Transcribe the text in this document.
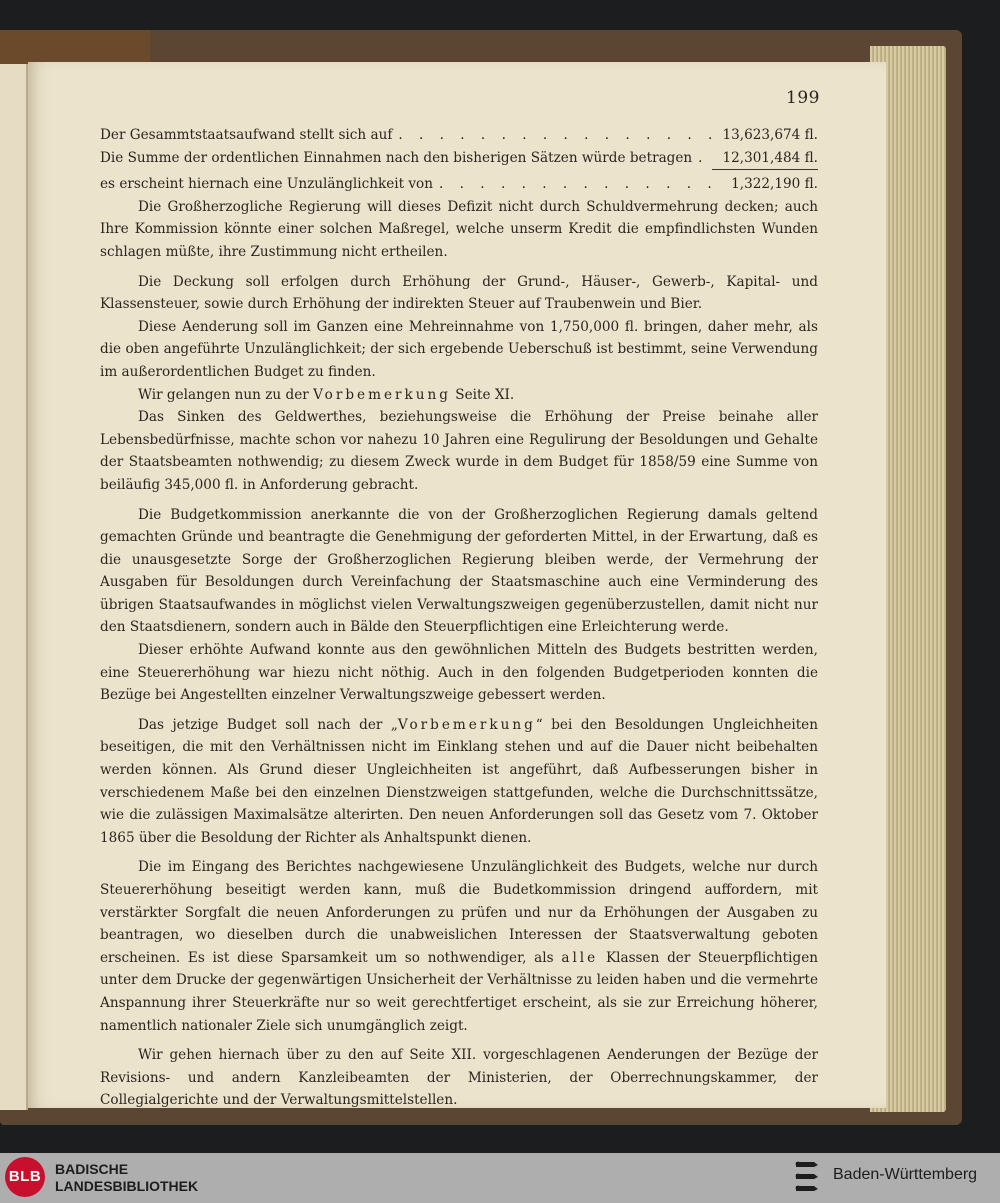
199
Der Gesammtstaatsaufwand stellt sich auf . . .	13,623,674 fl.
Die Summe der ordentlichen Einnahmen nach den bisherigen Sätzen würde betragen . . .	12,301,484 fl.
es erscheint hiernach eine Unzulänglichkeit von . . .	1,322,190 fl.

Die Großherzogliche Regierung will dieses Defizit nicht durch Schuldvermehrung decken; auch Ihre Kommission könnte einer solchen Maßregel, welche unserm Kredit die empfindlichsten Wunden schlagen müßte, ihre Zustimmung nicht ertheilen.

Die Deckung soll erfolgen durch Erhöhung der Grund-, Häuser-, Gewerb-, Kapital- und Klassensteuer, sowie durch Erhöhung der indirekten Steuer auf Traubenwein und Bier.

Diese Aenderung soll im Ganzen eine Mehreinnahme von 1,750,000 fl. bringen, daher mehr, als die oben angeführte Unzulänglichkeit; der sich ergebende Ueberschuß ist bestimmt, seine Verwendung im außerordentlichen Budget zu finden.

Wir gelangen nun zu der Vorbemerkung Seite XI.

Das Sinken des Geldwerthes, beziehungsweise die Erhöhung der Preise beinahe aller Lebensbedürfnisse, machte schon vor nahezu 10 Jahren eine Regulirung der Besoldungen und Gehalte der Staatsbeamten nothwendig; zu diesem Zweck wurde in dem Budget für 1858/59 eine Summe von beiläufig 345,000 fl. in Anforderung gebracht.

Die Budgetkommission anerkannte die von der Großherzoglichen Regierung damals geltend gemachten Gründe und beantragte die Genehmigung der geforderten Mittel, in der Erwartung, daß es die unausgesetzte Sorge der Großherzoglichen Regierung bleiben werde, der Vermehrung der Ausgaben für Besoldungen durch Vereinfachung der Staatsmaschine auch eine Verminderung des übrigen Staatsaufwandes in möglichst vielen Verwaltungszweigen gegenüberzustellen, damit nicht nur den Staatsdienern, sondern auch in Bälde den Steuerpflichtigen eine Erleichterung werde.

Dieser erhöhte Aufwand konnte aus den gewöhnlichen Mitteln des Budgets bestritten werden, eine Steuererhöhung war hiezu nicht nöthig. Auch in den folgenden Budgetperioden konnten die Bezüge bei Angestellten einzelner Verwaltungszweige gebessert werden.

Das jetzige Budget soll nach der „Vorbemerkung“ bei den Besoldungen Ungleichheiten beseitigen, die mit den Verhältnissen nicht im Einklang stehen und auf die Dauer nicht beibehalten werden können. Als Grund dieser Ungleichheiten ist angeführt, daß Aufbesserungen bisher in verschiedenem Maße bei den einzelnen Dienstzweigen stattgefunden, welche die Durchschnittssätze, wie die zulässigen Maximalsätze alterirten. Den neuen Anforderungen soll das Gesetz vom 7. Oktober 1865 über die Besoldung der Richter als Anhaltspunkt dienen.

Die im Eingang des Berichtes nachgewiesene Unzulänglichkeit des Budgets, welche nur durch Steuererhöhung beseitigt werden kann, muß die Budetkommission dringend auffordern, mit verstärkter Sorgfalt die neuen Anforderungen zu prüfen und nur da Erhöhungen der Ausgaben zu beantragen, wo dieselben durch die unabweislichen Interessen der Staatsverwaltung geboten erscheinen. Es ist diese Sparsamkeit um so nothwendiger, als alle Klassen der Steuerpflichtigen unter dem Drucke der gegenwärtigen Unsicherheit der Verhältnisse zu leiden haben und die vermehrte Anspannung ihrer Steuerkräfte nur so weit gerechtfertiget erscheint, als sie zur Erreichung höherer, namentlich nationaler Ziele sich unumgänglich zeigt.

Wir gehen hiernach über zu den auf Seite XII. vorgeschlagenen Aenderungen der Bezüge der Revisions- und andern Kanzleibeamten der Ministerien, der Oberrechnungskammer, der Collegialgerichte und der Verwaltungsmittelstellen.

BLB BADISCHE
LANDESBIBLIOTHEK
Baden-Württemberg
